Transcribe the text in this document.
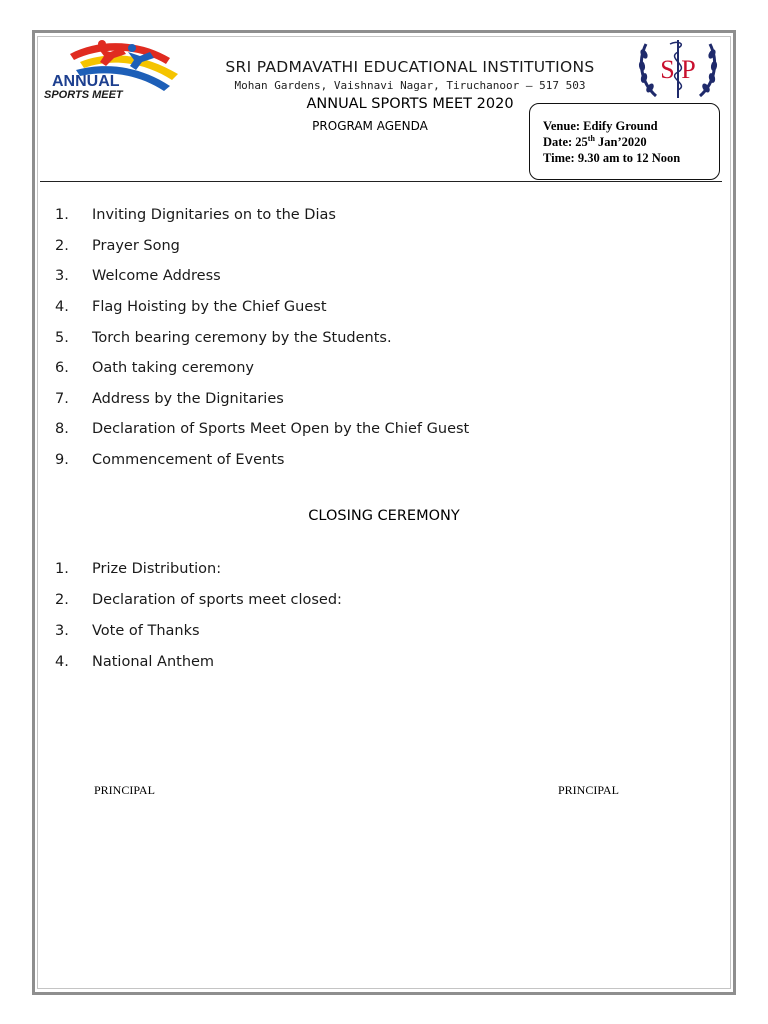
ANNUAL
SPORTS MEET
S P
SRI PADMAVATHI EDUCATIONAL INSTITUTIONS
Mohan Gardens, Vaishnavi Nagar, Tiruchanoor – 517 503
ANNUAL SPORTS MEET 2020
PROGRAM AGENDA	Venue: Edify Ground
Date: 25th Jan’2020
Time: 9.30 am to 12 Noon
1.	Inviting Dignitaries on to the Dias
2.	Prayer Song
3.	Welcome Address
4.	Flag Hoisting by the Chief Guest
5.	Torch bearing ceremony by the Students.
6.	Oath taking ceremony
7.	Address by the Dignitaries
8.	Declaration of Sports Meet Open by the Chief Guest
9.	Commencement of Events
CLOSING CEREMONY
1.	Prize Distribution:
2.	Declaration of sports meet closed:
3.	Vote of Thanks
4.	National Anthem
PRINCIPAL	PRINCIPAL
